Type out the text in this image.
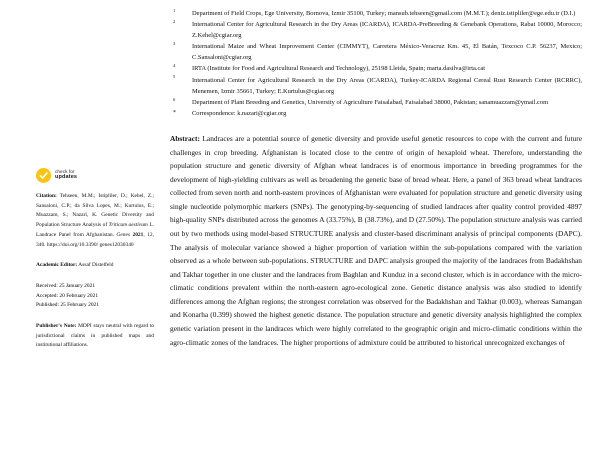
check for
updates
Citation: Tehseen, M.M.; Istipliler, D.; Kehel, Z.; Sansaloni, C.P.; da Silva Lopes, M.; Kurtulus, E.; Muazzam, S.; Nazari, K. Genetic Diversity and Population Structure Analysis of Triticum aestivum L. Landrace Panel from Afghanistan. Genes 2021, 12, 340. https://doi.org/10.3390/ genes12030340
Academic Editor: Assaf Distelfeld
Received: 25 January 2021
Accepted: 20 February 2021
Published: 25 February 2021
Publisher's Note: MDPI stays neutral with regard to jurisdictional claims in published maps and institutional affiliations.
1	Department of Field Crops, Ege University, Bornova, Izmir 35100, Turkey; mansub.tehseen@gmail.com (M.M.T.); deniz.istipliler@ege.edu.tr (D.I.)
2	International Center for Agricultural Research in the Dry Areas (ICARDA), ICARDA-PreBreeding & Genebank Operations, Rabat 10000, Morocco; Z.Kehel@cgiar.org
3	International Maize and Wheat Improvement Center (CIMMYT), Carretera México-Veracruz Km. 45, El Batán, Texcoco C.P. 56237, Mexico; C.Sansaloni@cgiar.org
4	IRTA (Institute for Food and Agricultural Research and Technology), 25198 Lleida, Spain; marta.dasilva@irta.cat
5	International Center for Agricultural Research in the Dry Areas (ICARDA), Turkey-ICARDA Regional Cereal Rust Research Center (RCRRC), Menemen, Izmir 35661, Turkey; E.Kurtulus@cgiar.org
6	Department of Plant Breeding and Genetics, University of Agriculture Faisalabad, Faisalabad 38000, Pakistan; sanamuazzam@ymail.com
* Correspondence: k.nazari@cgiar.org
Abstract: Landraces are a potential source of genetic diversity and provide useful genetic resources to cope with the current and future challenges in crop breeding. Afghanistan is located close to the centre of origin of hexaploid wheat. Therefore, understanding the population structure and genetic diversity of Afghan wheat landraces is of enormous importance in breeding programmes for the development of high-yielding cultivars as well as broadening the genetic base of bread wheat. Here, a panel of 363 bread wheat landraces collected from seven north and north-eastern provinces of Afghanistan were evaluated for population structure and genetic diversity using single nucleotide polymorphic markers (SNPs). The genotyping-by-sequencing of studied landraces after quality control provided 4897 high-quality SNPs distributed across the genomes A (33.75%), B (38.73%), and D (27.50%). The population structure analysis was carried out by two methods using model-based STRUCTURE analysis and cluster-based discriminant analysis of principal components (DAPC). The analysis of molecular variance showed a higher proportion of variation within the sub-populations compared with the variation observed as a whole between sub-populations. STRUCTURE and DAPC analysis grouped the majority of the landraces from Badakhshan and Takhar together in one cluster and the landraces from Baghlan and Kunduz in a second cluster, which is in accordance with the micro-climatic conditions prevalent within the north-eastern agro-ecological zone. Genetic distance analysis was also studied to identify differences among the Afghan regions; the strongest correlation was observed for the Badakhshan and Takhar (0.003), whereas Samangan and Konarha (0.399) showed the highest genetic distance. The population structure and genetic diversity analysis highlighted the complex genetic variation present in the landraces which were highly correlated to the geographic origin and micro-climatic conditions within the agro-climatic zones of the landraces. The higher proportions of admixture could be attributed to historical unrecognized exchanges of
